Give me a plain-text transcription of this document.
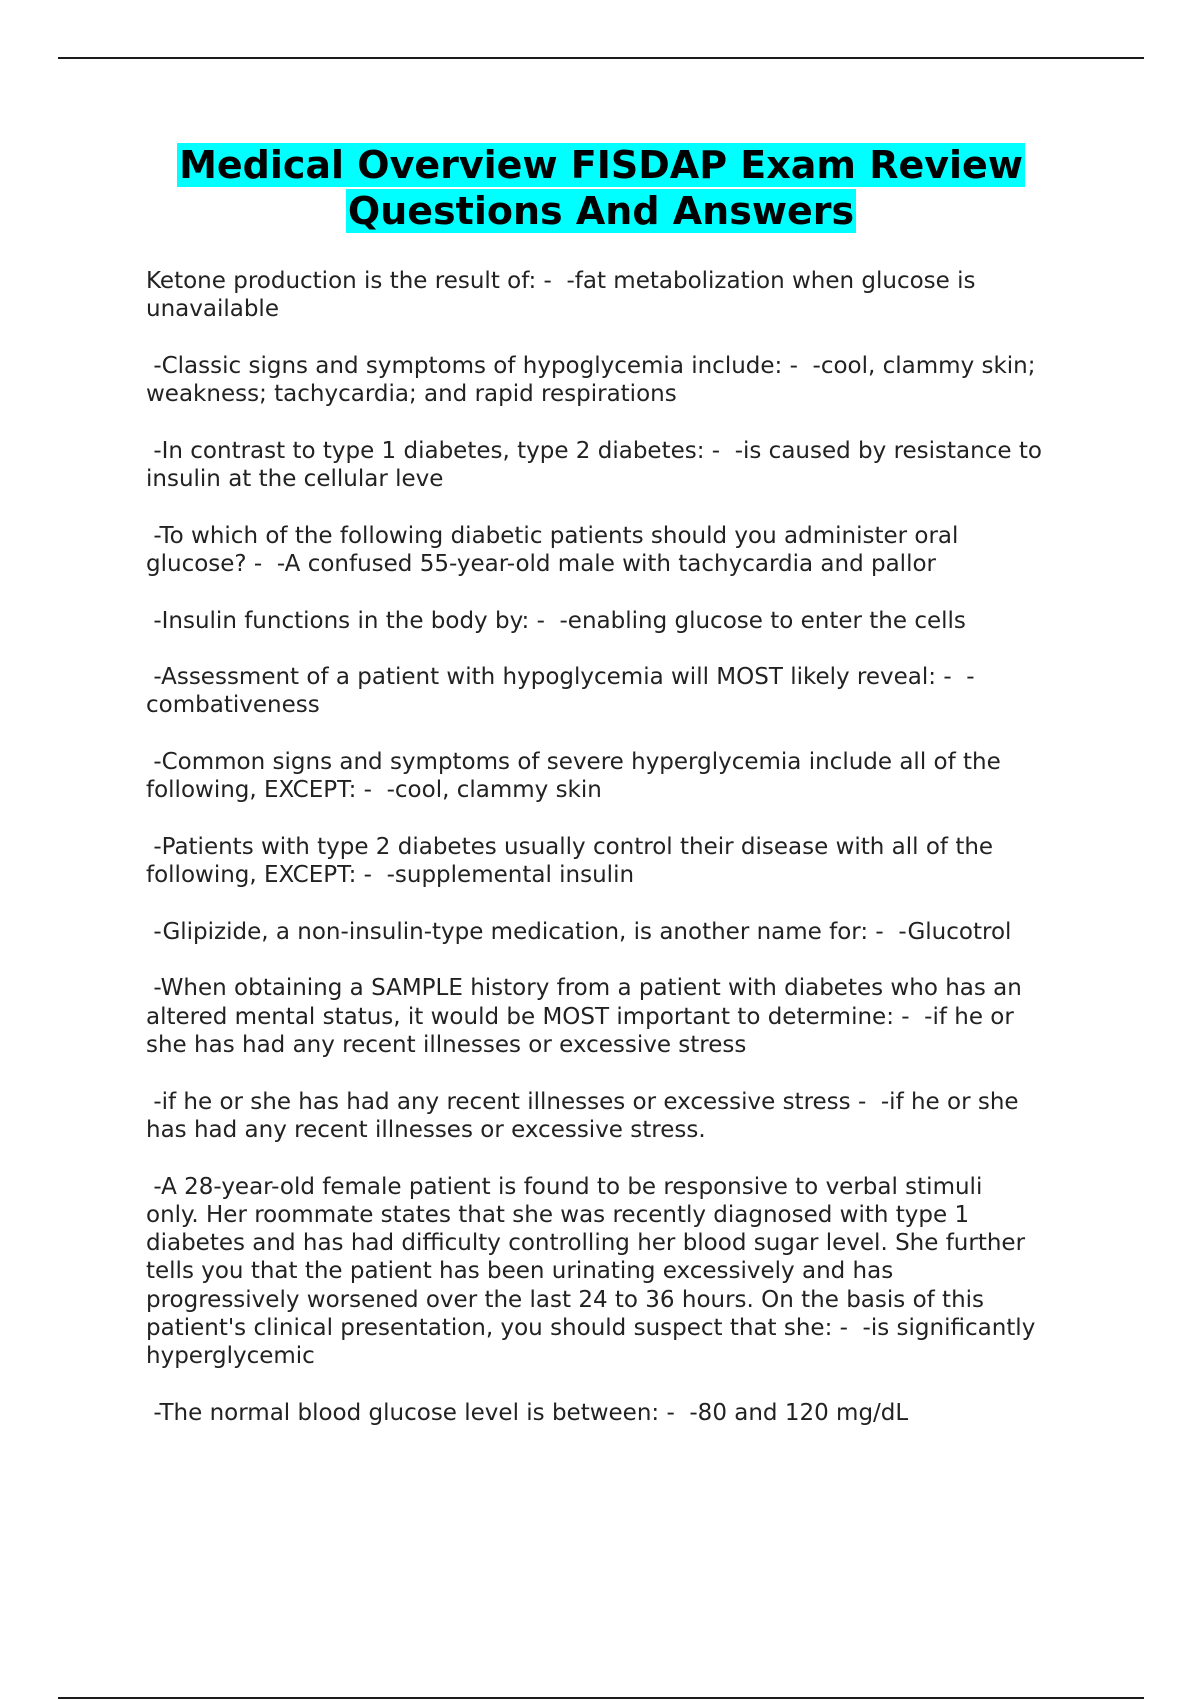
Medical Overview FISDAP Exam Review
Questions And Answers

Ketone production is the result of: -  -fat metabolization when glucose is
unavailable

-Classic signs and symptoms of hypoglycemia include: -  -cool, clammy skin;
weakness; tachycardia; and rapid respirations

-In contrast to type 1 diabetes, type 2 diabetes: -  -is caused by resistance to
insulin at the cellular leve

-To which of the following diabetic patients should you administer oral
glucose? -  -A confused 55-year-old male with tachycardia and pallor

-Insulin functions in the body by: -  -enabling glucose to enter the cells

-Assessment of a patient with hypoglycemia will MOST likely reveal: -  -
combativeness

-Common signs and symptoms of severe hyperglycemia include all of the
following, EXCEPT: -  -cool, clammy skin

-Patients with type 2 diabetes usually control their disease with all of the
following, EXCEPT: -  -supplemental insulin

-Glipizide, a non-insulin-type medication, is another name for: -  -Glucotrol

-When obtaining a SAMPLE history from a patient with diabetes who has an
altered mental status, it would be MOST important to determine: -  -if he or
she has had any recent illnesses or excessive stress

-if he or she has had any recent illnesses or excessive stress -  -if he or she
has had any recent illnesses or excessive stress.

-A 28-year-old female patient is found to be responsive to verbal stimuli
only. Her roommate states that she was recently diagnosed with type 1
diabetes and has had difficulty controlling her blood sugar level. She further
tells you that the patient has been urinating excessively and has
progressively worsened over the last 24 to 36 hours. On the basis of this
patient's clinical presentation, you should suspect that she: -  -is significantly
hyperglycemic

-The normal blood glucose level is between: -  -80 and 120 mg/dL
